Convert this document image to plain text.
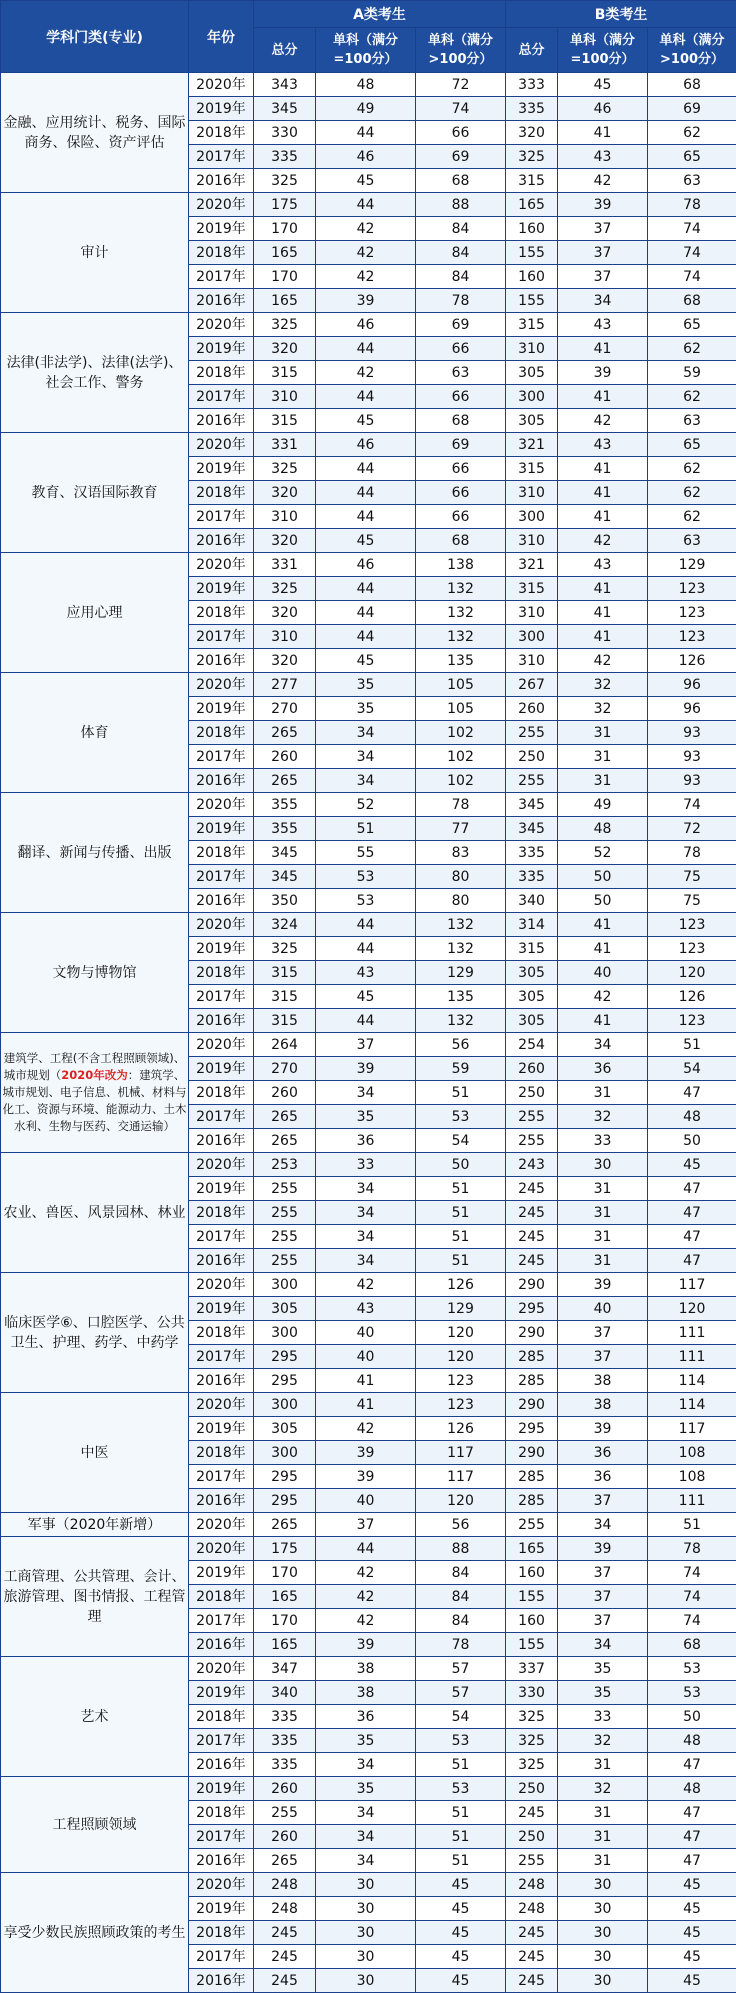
学科门类(专业)	年份	A类考生			B类考生		
		总分	单科（满分=100分）	单科（满分>100分）	总分	单科（满分=100分）	单科（满分>100分）
金融、应用统计、税务、国际商务、保险、资产评估	2020年	343	48	72	333	45	68
	2019年	345	49	74	335	46	69
	2018年	330	44	66	320	41	62
	2017年	335	46	69	325	43	65
	2016年	325	45	68	315	42	63
审计	2020年	175	44	88	165	39	78
	2019年	170	42	84	160	37	74
	2018年	165	42	84	155	37	74
	2017年	170	42	84	160	37	74
	2016年	165	39	78	155	34	68
法律(非法学)、法律(法学)、社会工作、警务	2020年	325	46	69	315	43	65
	2019年	320	44	66	310	41	62
	2018年	315	42	63	305	39	59
	2017年	310	44	66	300	41	62
	2016年	315	45	68	305	42	63
教育、汉语国际教育	2020年	331	46	69	321	43	65
	2019年	325	44	66	315	41	62
	2018年	320	44	66	310	41	62
	2017年	310	44	66	300	41	62
	2016年	320	45	68	310	42	63
应用心理	2020年	331	46	138	321	43	129
	2019年	325	44	132	315	41	123
	2018年	320	44	132	310	41	123
	2017年	310	44	132	300	41	123
	2016年	320	45	135	310	42	126
体育	2020年	277	35	105	267	32	96
	2019年	270	35	105	260	32	96
	2018年	265	34	102	255	31	93
	2017年	260	34	102	250	31	93
	2016年	265	34	102	255	31	93
翻译、新闻与传播、出版	2020年	355	52	78	345	49	74
	2019年	355	51	77	345	48	72
	2018年	345	55	83	335	52	78
	2017年	345	53	80	335	50	75
	2016年	350	53	80	340	50	75
文物与博物馆	2020年	324	44	132	314	41	123
	2019年	325	44	132	315	41	123
	2018年	315	43	129	305	40	120
	2017年	315	45	135	305	42	126
	2016年	315	44	132	305	41	123
建筑学、工程(不含工程照顾领域)、城市规划（2020年改为：建筑学、城市规划、电子信息、机械、材料与化工、资源与环境、能源动力、土木水利、生物与医药、交通运输）	2020年	264	37	56	254	34	51
	2019年	270	39	59	260	36	54
	2018年	260	34	51	250	31	47
	2017年	265	35	53	255	32	48
	2016年	265	36	54	255	33	50
农业、兽医、风景园林、林业	2020年	253	33	50	243	30	45
	2019年	255	34	51	245	31	47
	2018年	255	34	51	245	31	47
	2017年	255	34	51	245	31	47
	2016年	255	34	51	245	31	47
临床医学⑥、口腔医学、公共卫生、护理、药学、中药学	2020年	300	42	126	290	39	117
	2019年	305	43	129	295	40	120
	2018年	300	40	120	290	37	111
	2017年	295	40	120	285	37	111
	2016年	295	41	123	285	38	114
中医	2020年	300	41	123	290	38	114
	2019年	305	42	126	295	39	117
	2018年	300	39	117	290	36	108
	2017年	295	39	117	285	36	108
	2016年	295	40	120	285	37	111
军事（2020年新增）	2020年	265	37	56	255	34	51
工商管理、公共管理、会计、旅游管理、图书情报、工程管理	2020年	175	44	88	165	39	78
	2019年	170	42	84	160	37	74
	2018年	165	42	84	155	37	74
	2017年	170	42	84	160	37	74
	2016年	165	39	78	155	34	68
艺术	2020年	347	38	57	337	35	53
	2019年	340	38	57	330	35	53
	2018年	335	36	54	325	33	50
	2017年	335	35	53	325	32	48
	2016年	335	34	51	325	31	47
工程照顾领域	2019年	260	35	53	250	32	48
	2018年	255	34	51	245	31	47
	2017年	260	34	51	250	31	47
	2016年	265	34	51	255	31	47
享受少数民族照顾政策的考生	2020年	248	30	45	248	30	45
	2019年	248	30	45	248	30	45
	2018年	245	30	45	245	30	45
	2017年	245	30	45	245	30	45
	2016年	245	30	45	245	30	45
